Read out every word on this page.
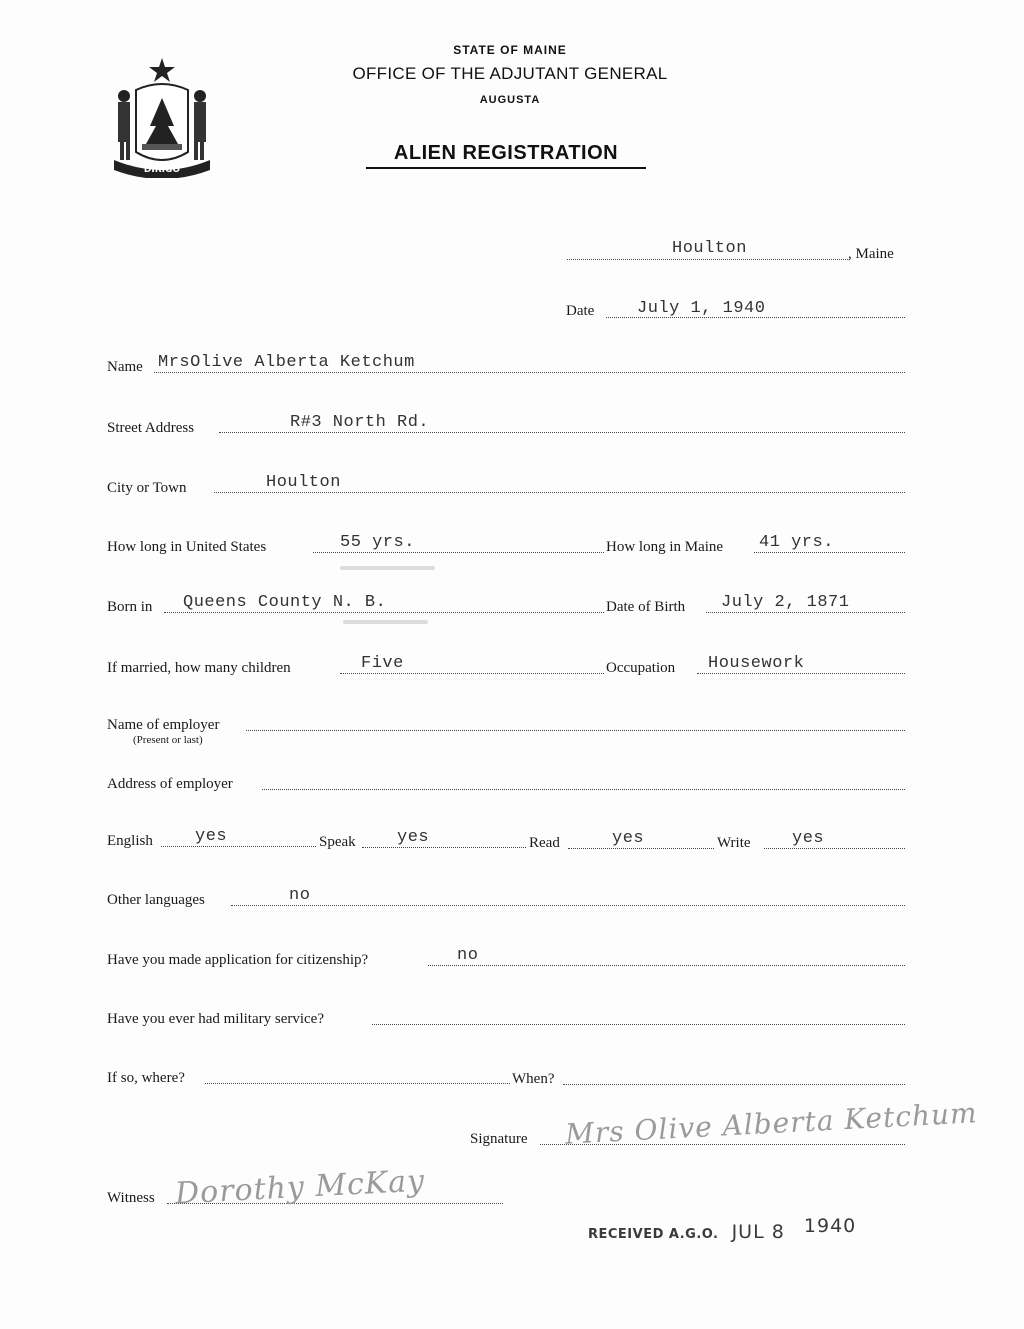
DIRIGO
STATE OF MAINE
OFFICE OF THE ADJUTANT GENERAL
AUGUSTA
ALIEN REGISTRATION
Houlton	, Maine
Date	July 1, 1940
Name MrsOlive Alberta Ketchum
Street Address	R#3 North Rd.
City or Town	Houlton
How long in United States	55 yrs.	How long in Maine 41 yrs.
Born in Queens County N. B.	Date of Birth July 2, 1871
If married, how many children	Five	Occupation Housework
Name of employer
(Present or last)
Address of employer
English yes	Speak yes	Read	yes	Write yes
Other languages	no
Have you made application for citizenship?	no
Have you ever had military service?
If so, where?	When?
Signature Mrs Olive Alberta Ketchum
Witness Dorothy McKay
RECEIVED A.G.O. JUL 8 1940
